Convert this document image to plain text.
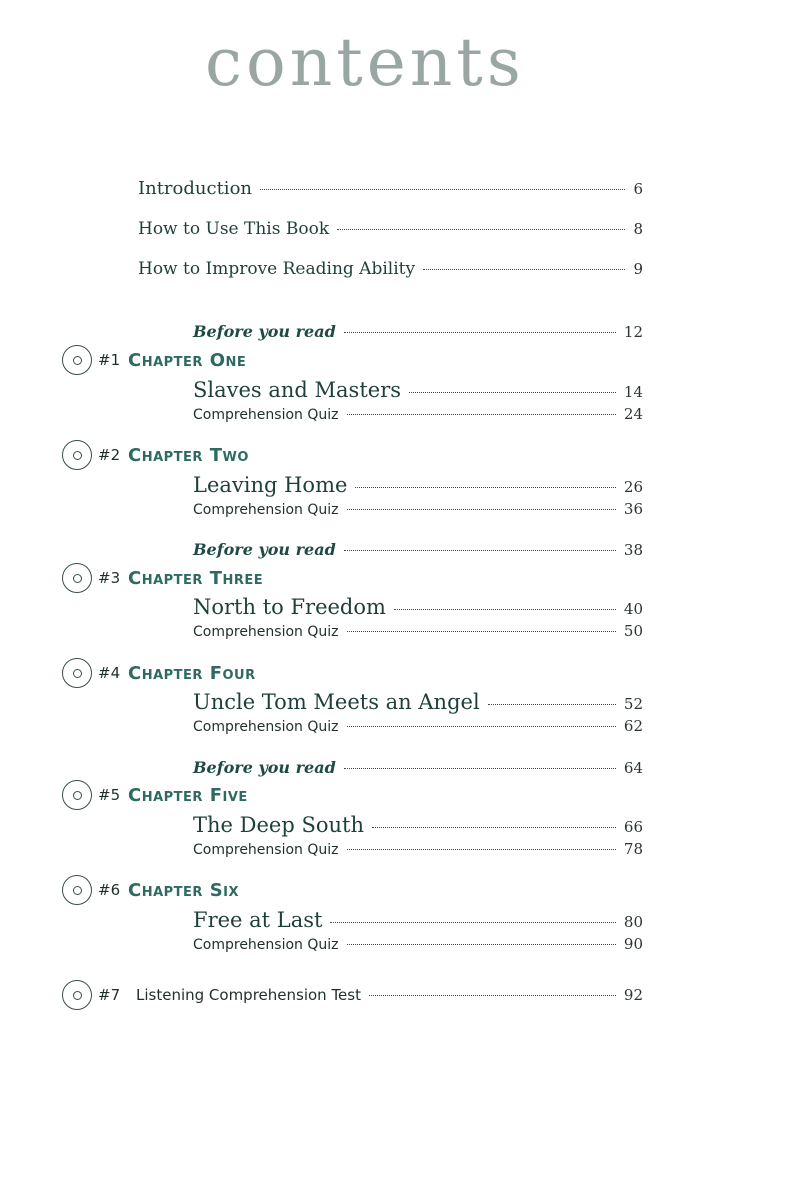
contents
Introduction	6
How to Use This Book	8
How to Improve Reading Ability	9
Before you read	12
#1 Chapter One
Slaves and Masters	14
Comprehension Quiz	24
#2 Chapter Two
Leaving Home	26
Comprehension Quiz	36
Before you read	38
#3 Chapter Three
North to Freedom	40
Comprehension Quiz	50
#4 Chapter Four
Uncle Tom Meets an Angel	52
Comprehension Quiz	62
Before you read	64
#5 Chapter Five
The Deep South	66
Comprehension Quiz	78
#6 Chapter Six
Free at Last	80
Comprehension Quiz	90
#7	Listening Comprehension Test	92
